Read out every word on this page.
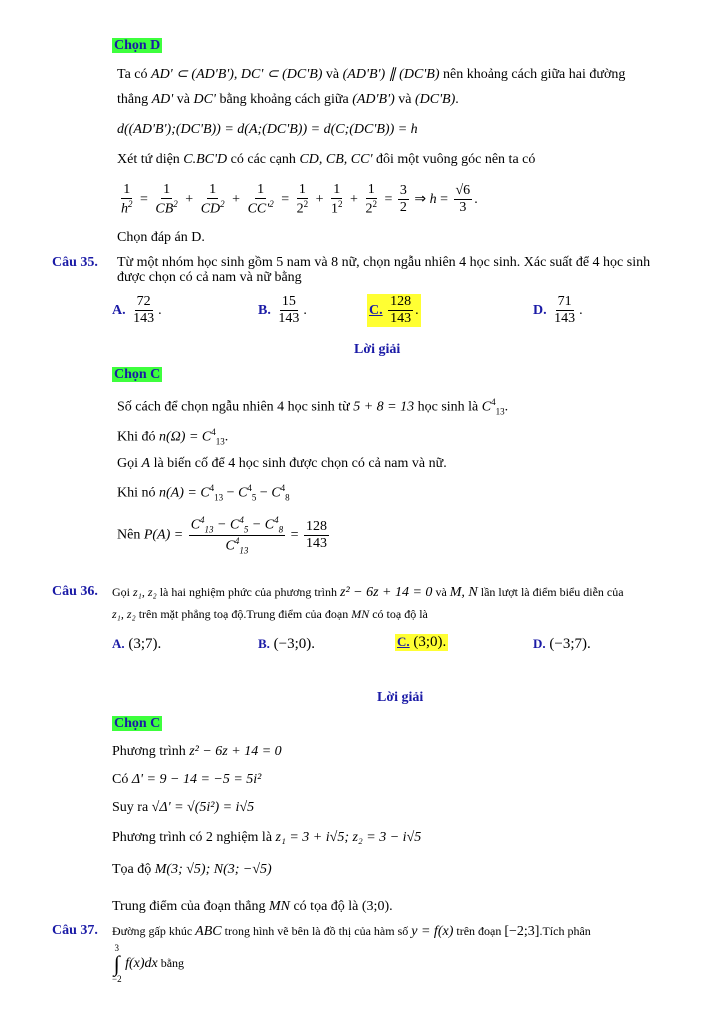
Chọn D
Ta có AD' ⊂ (AD'B'), DC' ⊂ (DC'B) và (AD'B') ∥ (DC'B) nên khoảng cách giữa hai đường
thẳng AD' và DC' bằng khoảng cách giữa (AD'B') và (DC'B).
d((AD'B');(DC'B)) = d(A;(DC'B)) = d(C;(DC'B)) = h
Xét tứ diện C.BC'D có các cạnh CD, CB, CC' đôi một vuông góc nên ta có
$\frac{1}{h^2} = \frac{1}{CB^2} + \frac{1}{CD^2} + \frac{1}{CC'^2} = \frac{1}{2^2} + \frac{1}{1^2} + \frac{1}{2^2} = \frac{3}{2}$ ⇒ $h = \frac{√6}{3}$ .
Chọn đáp án D.
Câu 35. Từ một nhóm học sinh gồm 5 nam và 8 nữ, chọn ngẫu nhiên 4 học sinh. Xác suất để 4 học sinh
được chọn có cả nam và nữ bằng
A. $\frac{72}{143}$ .	B. $\frac{15}{143}$ .	C. $\frac{128}{143}$ .	D. $\frac{71}{143}$ .
Lời giải
Chọn C
Số cách để chọn ngẫu nhiên 4 học sinh từ 5 + 8 = 13 học sinh là $C^4_{13}$.
Khi đó $n(\Omega) = C^4_{13}$.
Gọi A là biến cố để 4 học sinh được chọn có cả nam và nữ.
Khi nó $n(A) = C^4_{13} - C^4_5 - C^4_8$
Nên $P(A) = \frac{C^4_{13} - C^4_5 - C^4_8}{C^4_{13}} = \frac{128}{143}$
Câu 36. Gọi z₁, z₂ là hai nghiệm phức của phương trình z² − 6z + 14 = 0 và M, N lần lượt là điểm biểu diễn của
z₁, z₂ trên mặt phẳng toạ độ.Trung điểm của đoạn MN có toạ độ là
A. (3;7).	B. (−3;0).	C. (3;0).	D. (−3;7).
Lời giải
Chọn C
Phương trình z² − 6z + 14 = 0
Có Δ' = 9 − 14 = −5 = 5i²
Suy ra √Δ' = √(5i²) = i√5
Phương trình có 2 nghiệm là z₁ = 3 + i√5; z₂ = 3 − i√5
Tọa độ M(3; √5); N(3; −√5)
Trung điểm của đoạn thẳng MN có tọa độ là (3;0).
Câu 37. Đường gấp khúc ABC trong hình vẽ bên là đồ thị của hàm số y = f(x) trên đoạn [−2;3].Tích phân
3
∫
−2
f(x)dx bằng
